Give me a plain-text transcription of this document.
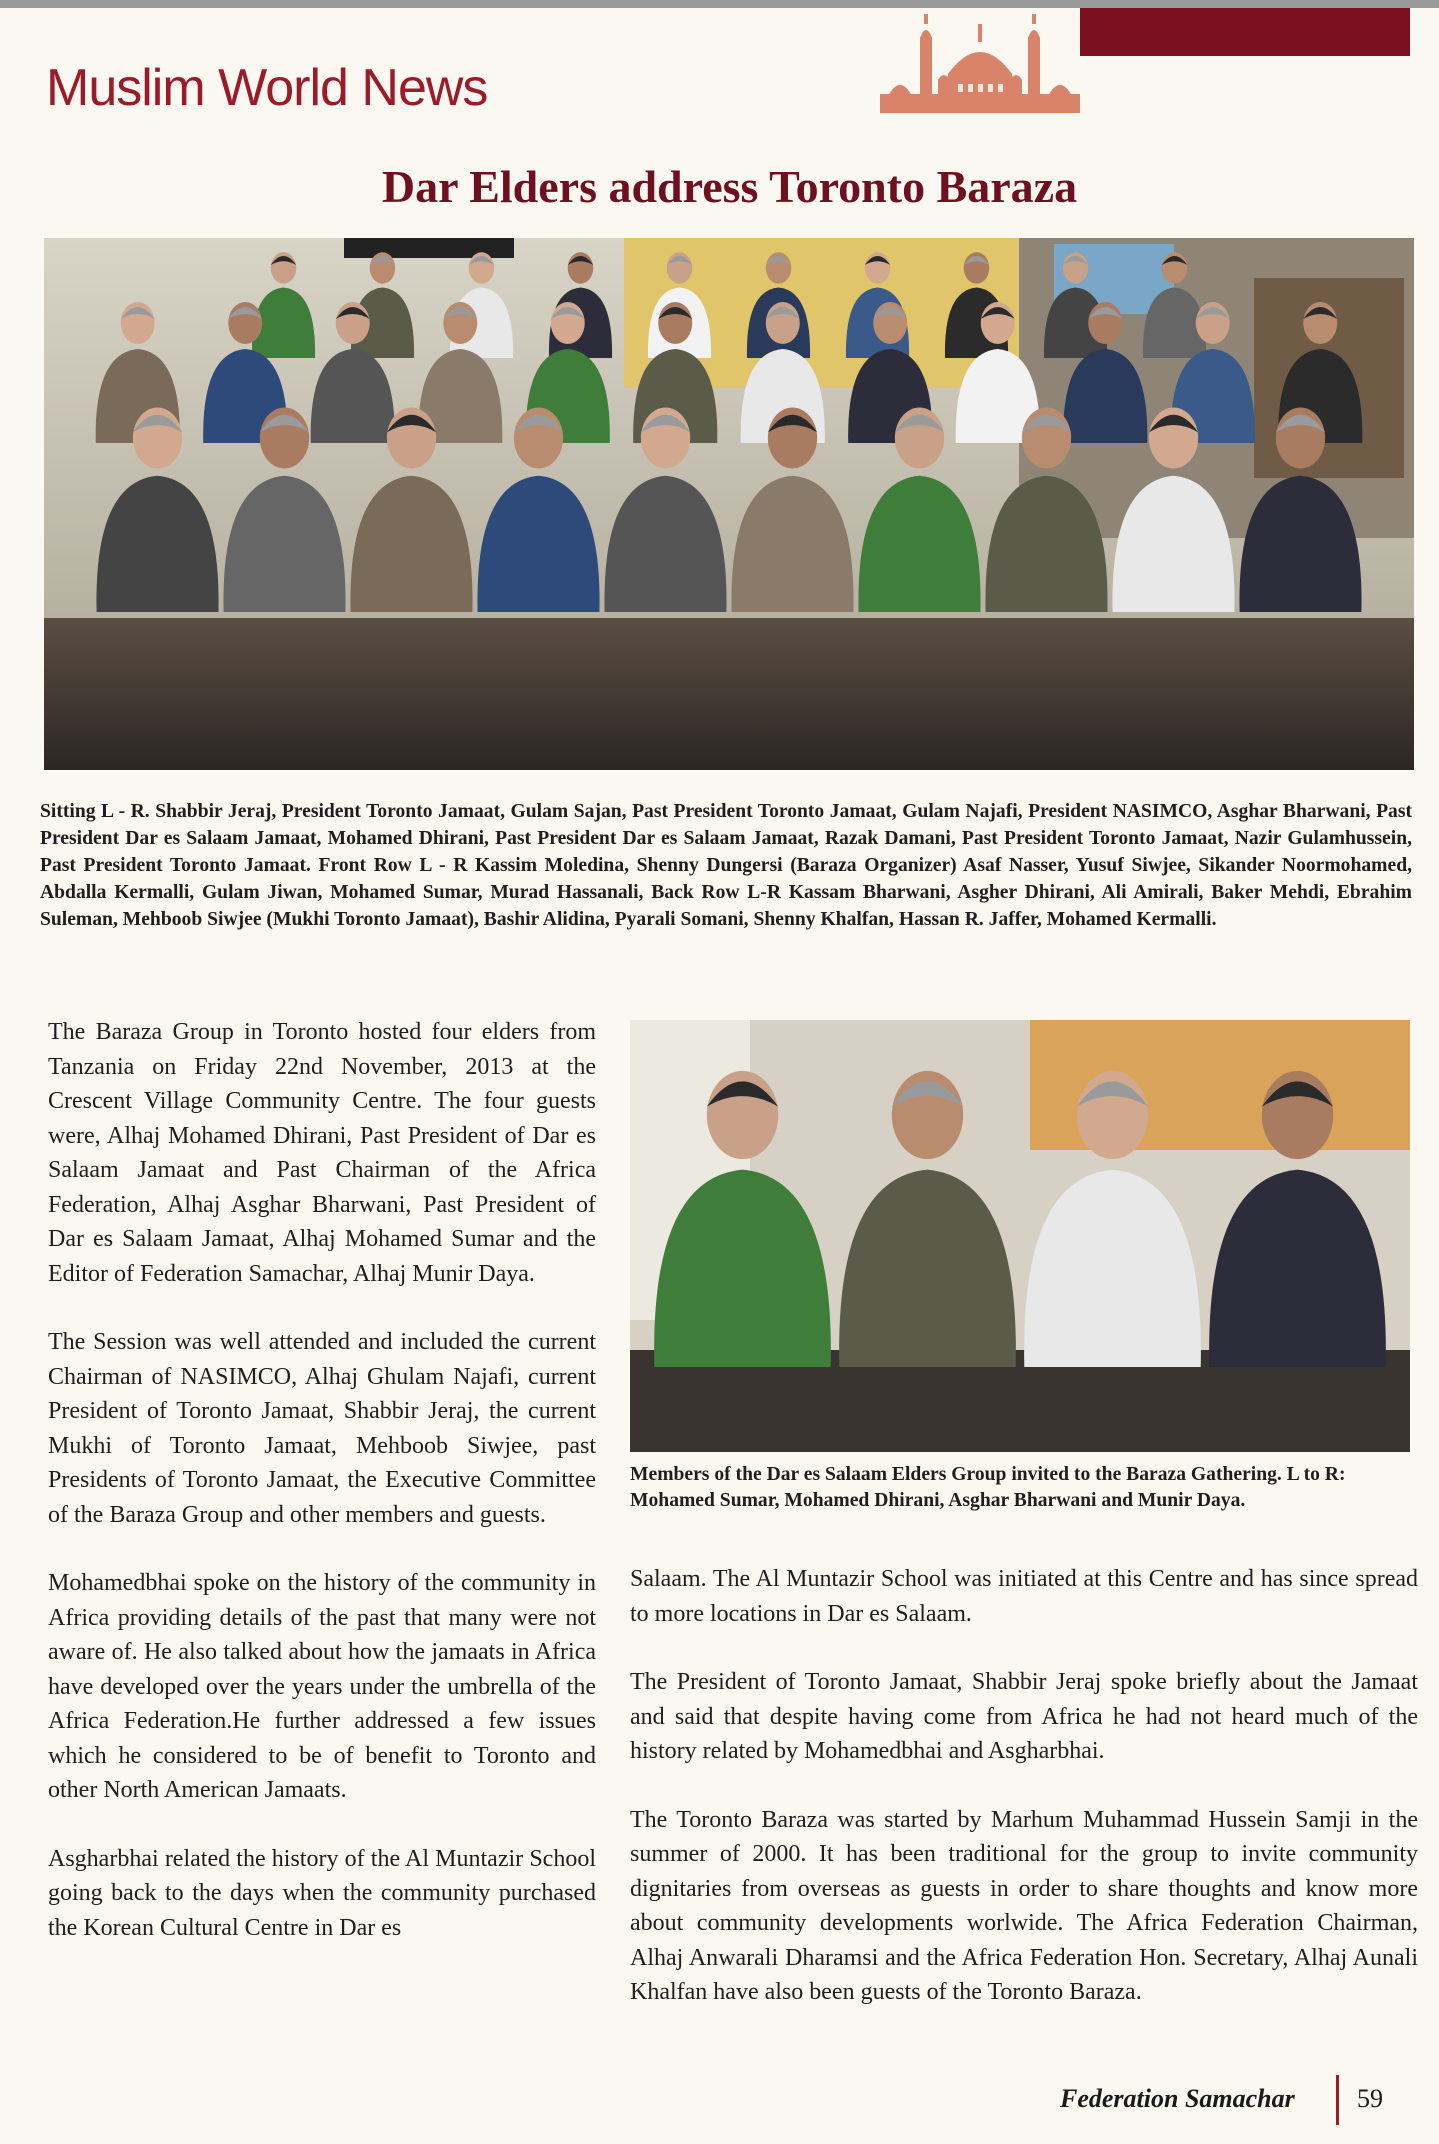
Muslim World News
Dar Elders address Toronto Baraza

Sitting L - R. Shabbir Jeraj, President Toronto Jamaat, Gulam Sajan, Past President Toronto Jamaat, Gulam Najafi, President NASIMCO, Asghar Bharwani, Past President Dar es Salaam Jamaat, Mohamed Dhirani, Past President Dar es Salaam Jamaat, Razak Damani, Past President Toronto Jamaat, Nazir Gulamhussein, Past President Toronto Jamaat. Front Row L - R Kassim Moledina, Shenny Dungersi (Baraza Organizer) Asaf Nasser, Yusuf Siwjee, Sikander Noormohamed, Abdalla Kermalli, Gulam Jiwan, Mohamed Sumar, Murad Hassanali, Back Row L-R Kassam Bharwani, Asgher Dhirani, Ali Amirali, Baker Mehdi, Ebrahim Suleman, Mehboob Siwjee (Mukhi Toronto Jamaat), Bashir Alidina, Pyarali Somani, Shenny Khalfan, Hassan R. Jaffer, Mohamed Kermalli.

The Baraza Group in Toronto hosted four elders from Tanzania on Friday 22nd November, 2013 at the Crescent Village Community Centre. The four guests were, Alhaj Mohamed Dhirani, Past President of Dar es Salaam Jamaat and Past Chairman of the Africa Federation, Alhaj Asghar Bharwani, Past President of Dar es Salaam Jamaat, Alhaj Mohamed Sumar and the Editor of Federation Samachar, Alhaj Munir Daya.

The Session was well attended and included the current Chairman of NASIMCO, Alhaj Ghulam Najafi, current President of Toronto Jamaat, Shabbir Jeraj, the current Mukhi of Toronto Jamaat, Mehboob Siwjee, past Presidents of Toronto Jamaat, the Executive Committee of the Baraza Group and other members and guests.

Mohamedbhai spoke on the history of the community in Africa providing details of the past that many were not aware of. He also talked about how the jamaats in Africa have developed over the years under the umbrella of the Africa Federation.He further addressed a few issues which he considered to be of benefit to Toronto and other North American Jamaats.

Asgharbhai related the history of the Al Muntazir School going back to the days when the community purchased the Korean Cultural Centre in Dar es

Members of the Dar es Salaam Elders Group invited to the Baraza Gathering. L to R: Mohamed Sumar, Mohamed Dhirani, Asghar Bharwani and Munir Daya.

Salaam. The Al Muntazir School was initiated at this Centre and has since spread to more locations in Dar es Salaam.

The President of Toronto Jamaat, Shabbir Jeraj spoke briefly about the Jamaat and said that despite having come from Africa he had not heard much of the history related by Mohamedbhai and Asgharbhai.

The Toronto Baraza was started by Marhum Muhammad Hussein Samji in the summer of 2000. It has been traditional for the group to invite community dignitaries from overseas as guests in order to share thoughts and know more about community developments worlwide. The Africa Federation Chairman, Alhaj Anwarali Dharamsi and the Africa Federation Hon. Secretary, Alhaj Aunali Khalfan have also been guests of the Toronto Baraza.

Federation Samachar 59
